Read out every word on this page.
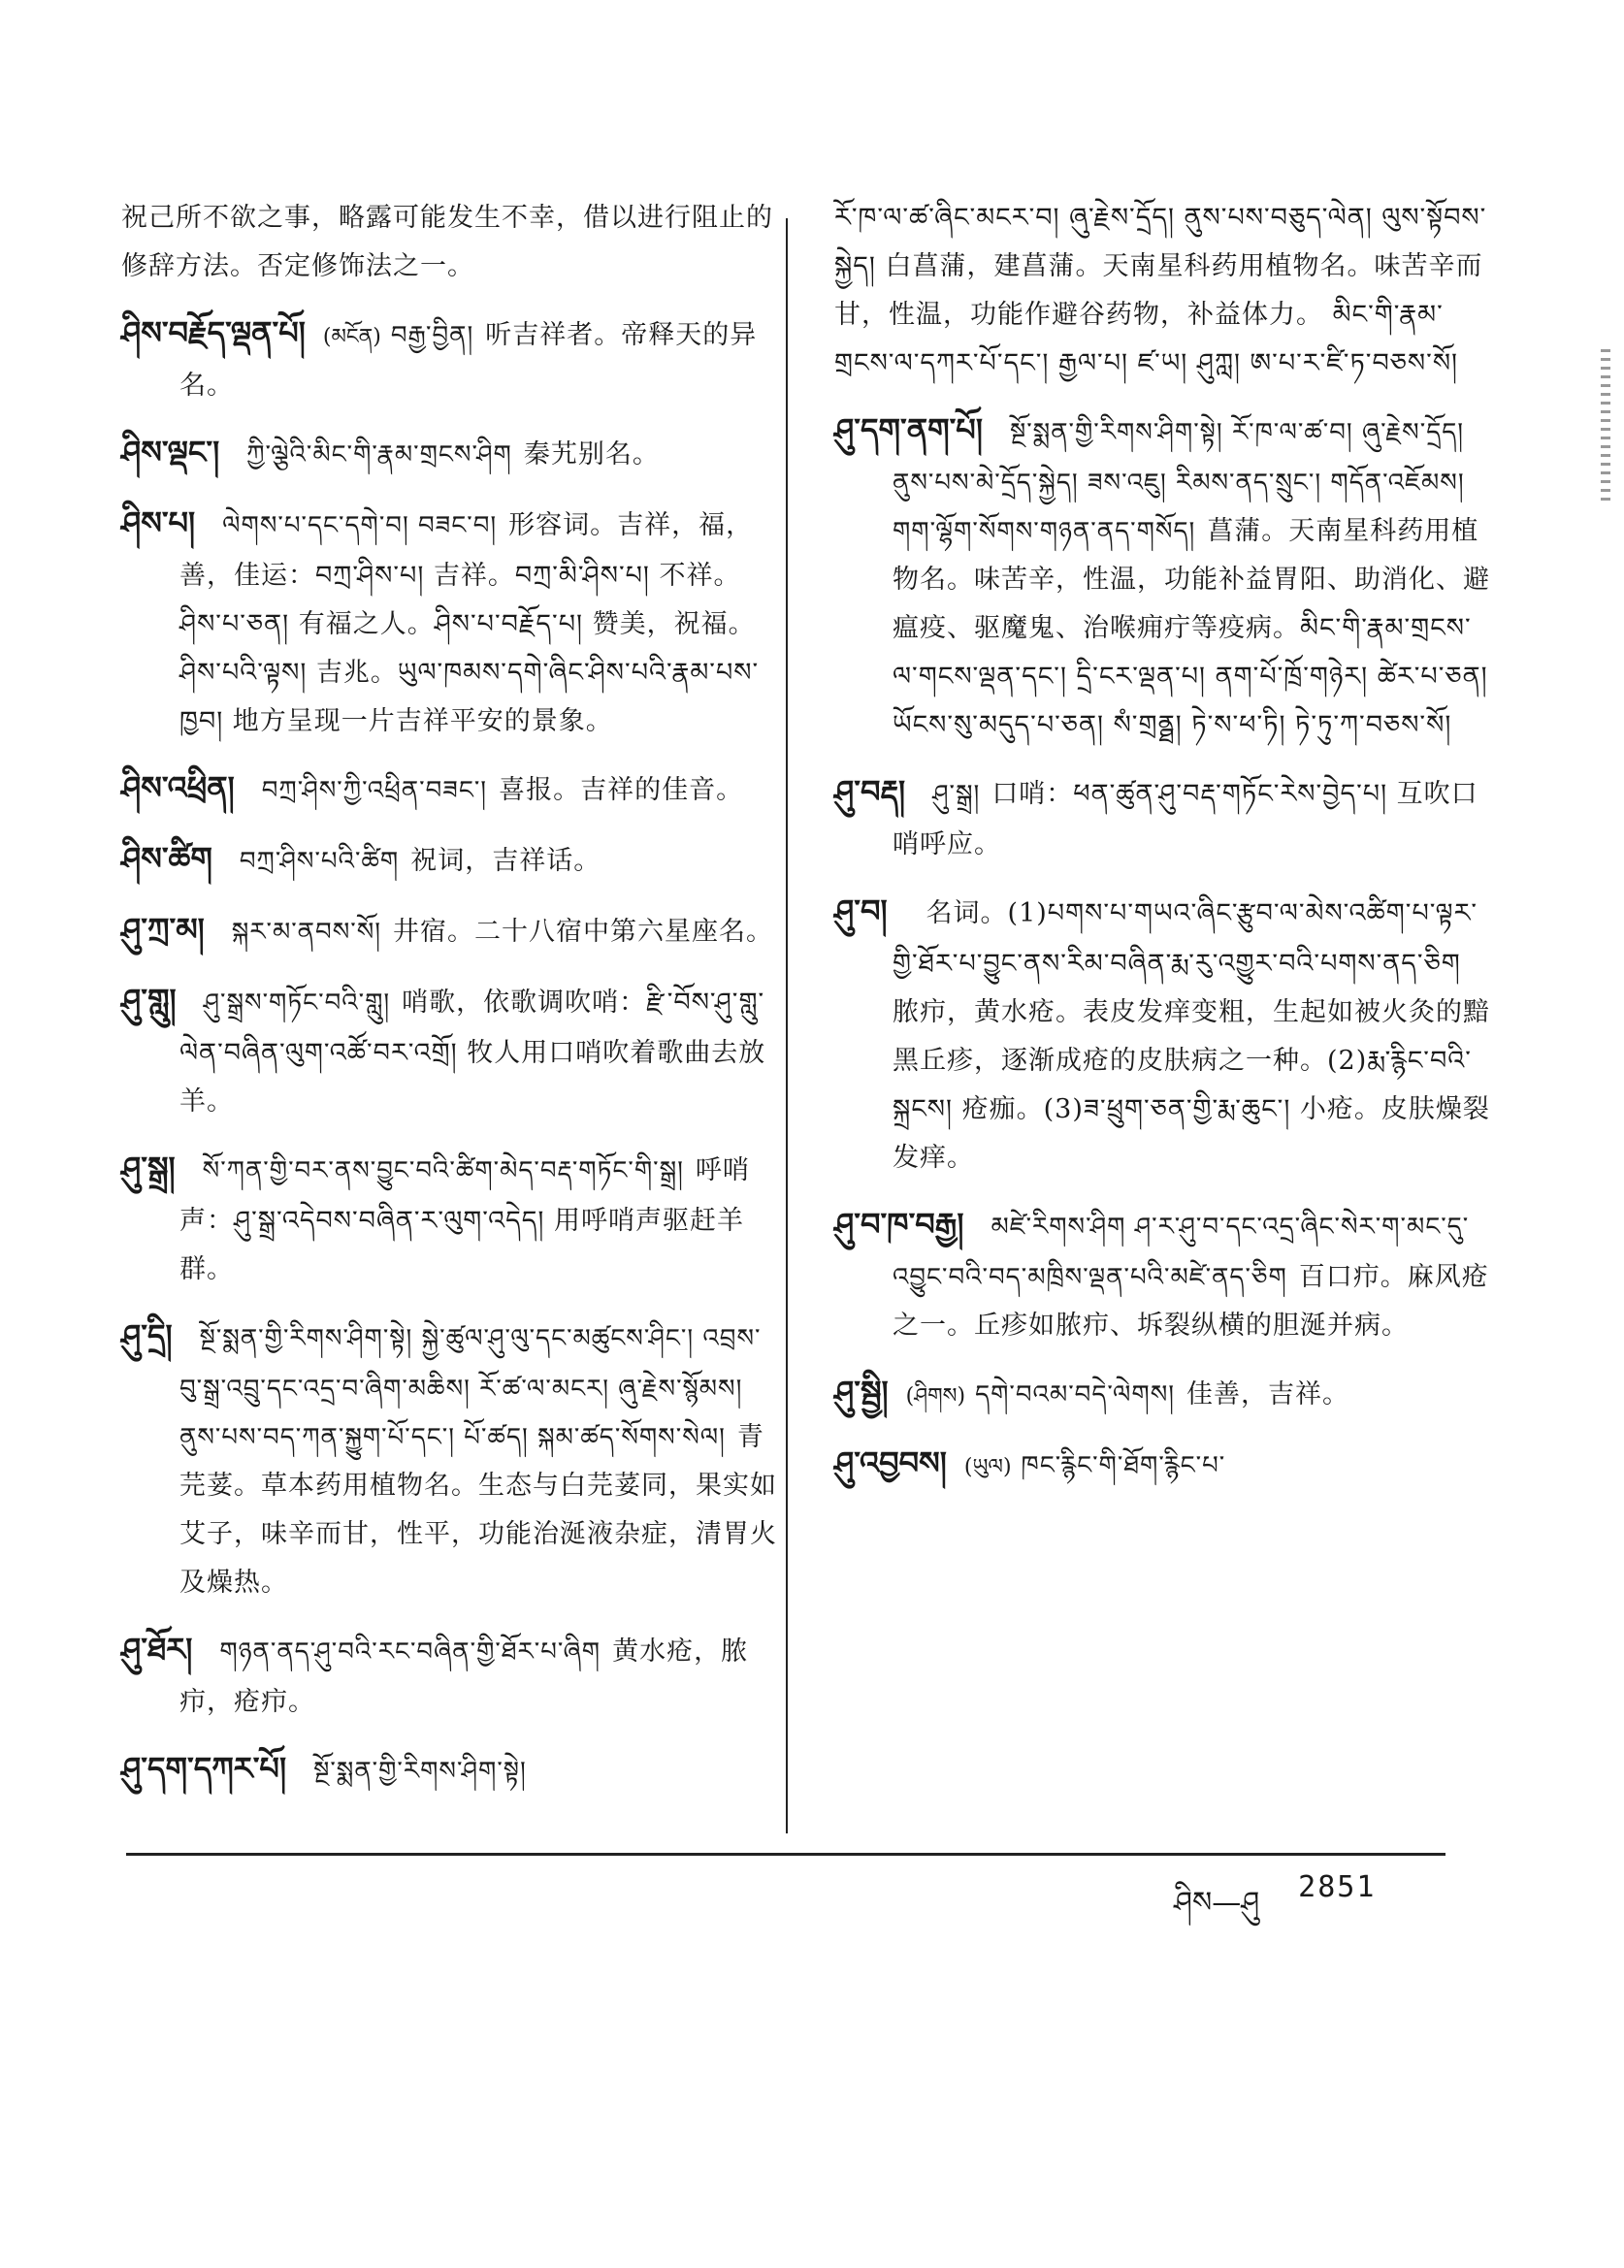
祝己所不欲之事，略露可能发生不幸，借以进行阻止的修辞方法。否定修饰法之一。
ཤིས་བརྗོད་ལྡན་པོ། (མངོན) བརྒྱ་བྱིན། 听吉祥者。帝释天的异名。
ཤིས་ལྡང་། ཀྱི་ལྕེའི་མིང་གི་རྣམ་གྲངས་ཤིག 秦艽别名。
ཤིས་པ། ལེགས་པ་དང་དགེ་བ། བཟང་བ། 形容词。吉祥，福，善，佳运：བཀྲ་ཤིས་པ། 吉祥。བཀྲ་མི་ཤིས་པ། 不祥。ཤིས་པ་ཅན། 有福之人。ཤིས་པ་བརྗོད་པ། 赞美，祝福。ཤིས་པའི་ལྟས། 吉兆。ཡུལ་ཁམས་དགེ་ཞིང་ཤིས་པའི་རྣམ་པས་ཁྱབ། 地方呈现一片吉祥平安的景象。
ཤིས་འཕྲིན། བཀྲ་ཤིས་ཀྱི་འཕྲིན་བཟང་། 喜报。吉祥的佳音。
ཤིས་ཚིག བཀྲ་ཤིས་པའི་ཚིག 祝词，吉祥话。
ཤུ་ཀྲ་མ། སྐར་མ་ནབས་སོ། 井宿。二十八宿中第六星座名。
ཤུ་གླུ། ཤུ་སྒྲས་གཏོང་བའི་གླུ། 哨歌，依歌调吹哨：རྫི་བོས་ཤུ་གླུ་ལེན་བཞིན་ལུག་འཚོ་བར་འགྲོ། 牧人用口哨吹着歌曲去放羊。
ཤུ་སྒྲ། སོ་ཀན་གྱི་བར་ནས་བྱུང་བའི་ཚིག་མེད་བརྡ་གཏོང་གི་སྒྲ། 呼哨声：ཤུ་སྒྲ་འདེབས་བཞིན་ར་ལུག་འདེད། 用呼哨声驱赶羊群。
ཤུ་དྲི། སྔོ་སྨན་གྱི་རིགས་ཤིག་སྟེ། སྐྱེ་ཚུལ་ཤུ་ལུ་དང་མཚུངས་ཤིང་། འབྲས་བུ་སྒྲ་འབྲུ་དང་འདྲ་བ་ཞིག་མཆིས། རོ་ཚ་ལ་མངར། ཞུ་རྗེས་སྙོམས། ནུས་པས་བད་ཀན་སྐྱུག་པོ་དང་། པོ་ཚད། སྐམ་ཚད་སོགས་སེལ། 青芫荽。草本药用植物名。生态与白芫荽同，果实如艾子，味辛而甘，性平，功能治涎液杂症，清胃火及燥热。
ཤུ་ཐོར། གཉན་ནད་ཤུ་བའི་རང་བཞིན་གྱི་ཐོར་པ་ཞིག 黄水疮，脓疖，疮疖。
ཤུ་དག་དཀར་པོ། སྔོ་སྨན་གྱི་རིགས་ཤིག་སྟེ།
རོ་ཁ་ལ་ཚ་ཞིང་མངར་བ། ཞུ་རྗེས་དྲོད། ནུས་པས་བཅུད་ལེན། ལུས་སྟོབས་སྐྱེད། 白菖蒲，建菖蒲。天南星科药用植物名。味苦辛而甘，性温，功能作避谷药物，补益体力。 མིང་གི་རྣམ་གྲངས་ལ་དཀར་པོ་དང་། རྒྱལ་པ། ཛ་ཡ། ཤུཀླ། ཨ་པ་ར་ཛི་ཏ་བཅས་སོ།
ཤུ་དག་ནག་པོ། སྔོ་སྨན་གྱི་རིགས་ཤིག་སྟེ། རོ་ཁ་ལ་ཚ་བ། ཞུ་རྗེས་དྲོད། ནུས་པས་མེ་དྲོད་སྐྱེད། ཟས་འཇུ། རིམས་ནད་སྲུང་། གདོན་འཇོམས། གག་ལྷོག་སོགས་གཉན་ནད་གསོད། 菖蒲。天南星科药用植物名。味苦辛，性温，功能补益胃阳、助消化、避瘟疫、驱魔鬼、治喉痈疔等疫病。མིང་གི་རྣམ་གྲངས་ལ་གངས་ལྡན་དང་། དྲི་ངར་ལྡན་པ། ནག་པོ་ཁྲོ་གཉེར། ཚེར་པ་ཅན། ཡོངས་སུ་མདུད་པ་ཅན། སཾ་གྲནྠ། ཏེ་ས་ཕ་ཏི། ཏེ་ཏུ་ཀ་བཅས་སོ།
ཤུ་བརྡ། ཤུ་སྒྲ། 口哨：ཕན་ཚུན་ཤུ་བརྡ་གཏོང་རེས་བྱེད་པ། 互吹口哨呼应。
ཤུ་བ། 名词。(1)པགས་པ་གཡའ་ཞིང་རྩུབ་ལ་མེས་འཚིག་པ་ལྟར་གྱི་ཐོར་པ་བྱུང་ནས་རིམ་བཞིན་རྨ་རུ་འགྱུར་བའི་པགས་ནད་ཅིག 脓疖，黄水疮。表皮发痒变粗，生起如被火灸的黯黑丘疹，逐渐成疮的皮肤病之一种。(2)རྨ་རྙིང་བའི་སྐྲངས། 疮痂。(3)ཟ་ཕྲུག་ཅན་གྱི་རྨ་ཆུང་། 小疮。皮肤燥裂发痒。
ཤུ་བ་ཁ་བརྒྱ། མཛེ་རིགས་ཤིག ཤ་ར་ཤུ་བ་དང་འདྲ་ཞིང་སེར་ག་མང་དུ་འབྱུང་བའི་བད་མཁྲིས་ལྡན་པའི་མཛེ་ནད་ཅིག 百口疖。麻风疮之一。丘疹如脓疖、坼裂纵横的胆涎并病。
ཤུ་སྦྱི། (ཤིགས) དགེ་བའམ་བདེ་ལེགས། 佳善，吉祥。
ཤུ་འབྱབས། (ཡུལ) ཁང་རྙིང་གི་ཐོག་རྙིང་པ་
ཤིས—ཤུ 2851
